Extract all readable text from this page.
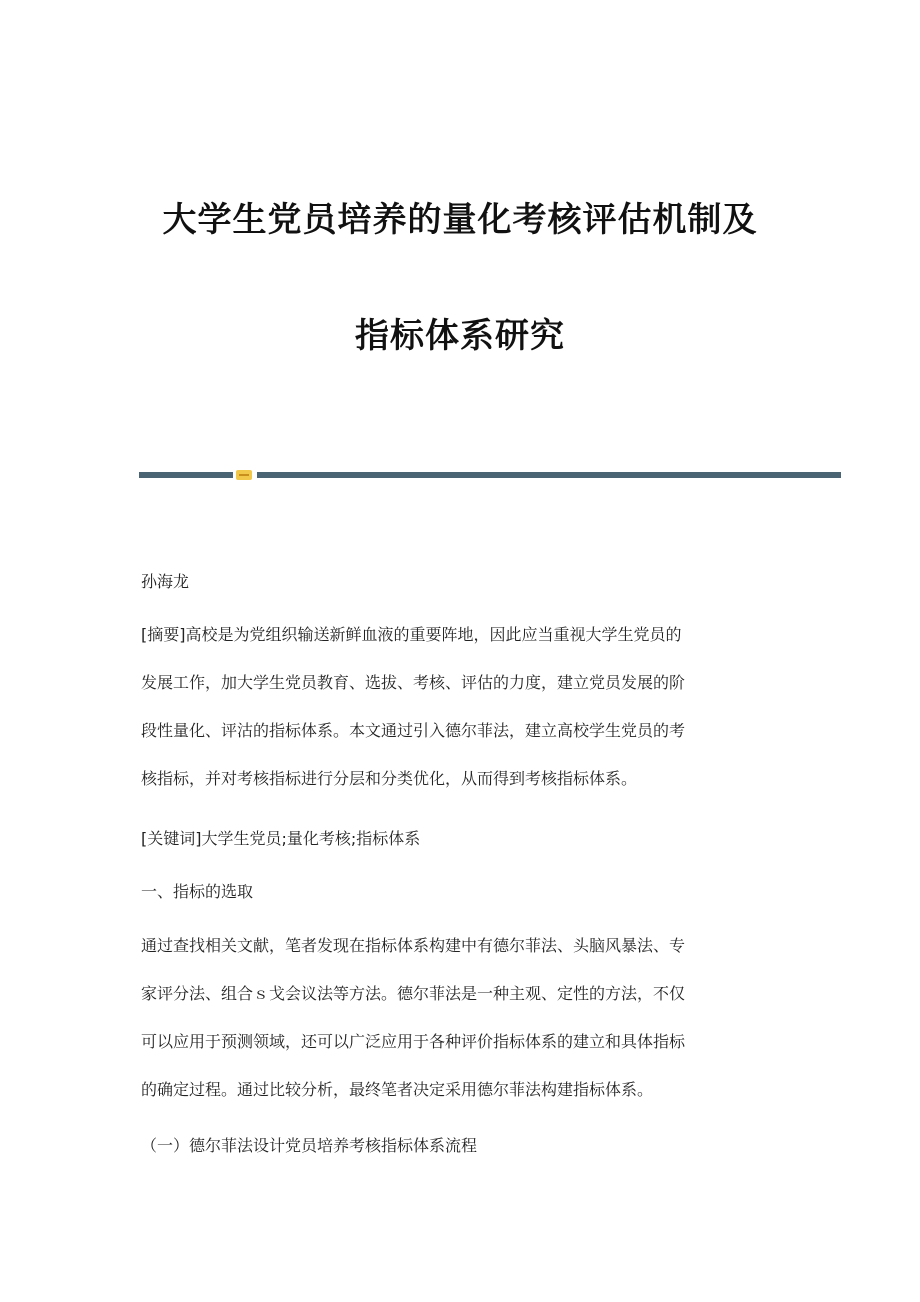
大学生党员培养的量化考核评估机制及
指标体系研究
孙海龙
[摘要]高校是为党组织输送新鲜血液的重要阵地，因此应当重视大学生党员的
发展工作，加大学生党员教育、选拔、考核、评估的力度，建立党员发展的阶
段性量化、评沽的指标体系。本文通过引入德尔菲法，建立高校学生党员的考
核指标，并对考核指标进行分层和分类优化，从而得到考核指标体系。
[关键词]大学生党员;量化考核;指标体系
一、指标的选取
通过查找相关文献，笔者发现在指标体系构建中有德尔菲法、头脑风暴法、专
家评分法、组合ｓ戈会议法等方法。德尔菲法是一种主观、定性的方法，不仅
可以应用于预测领域，还可以广泛应用于各种评价指标体系的建立和具体指标
的确定过程。通过比较分析，最终笔者决定采用德尔菲法构建指标体系。
（一）德尔菲法设计党员培养考核指标体系流程
